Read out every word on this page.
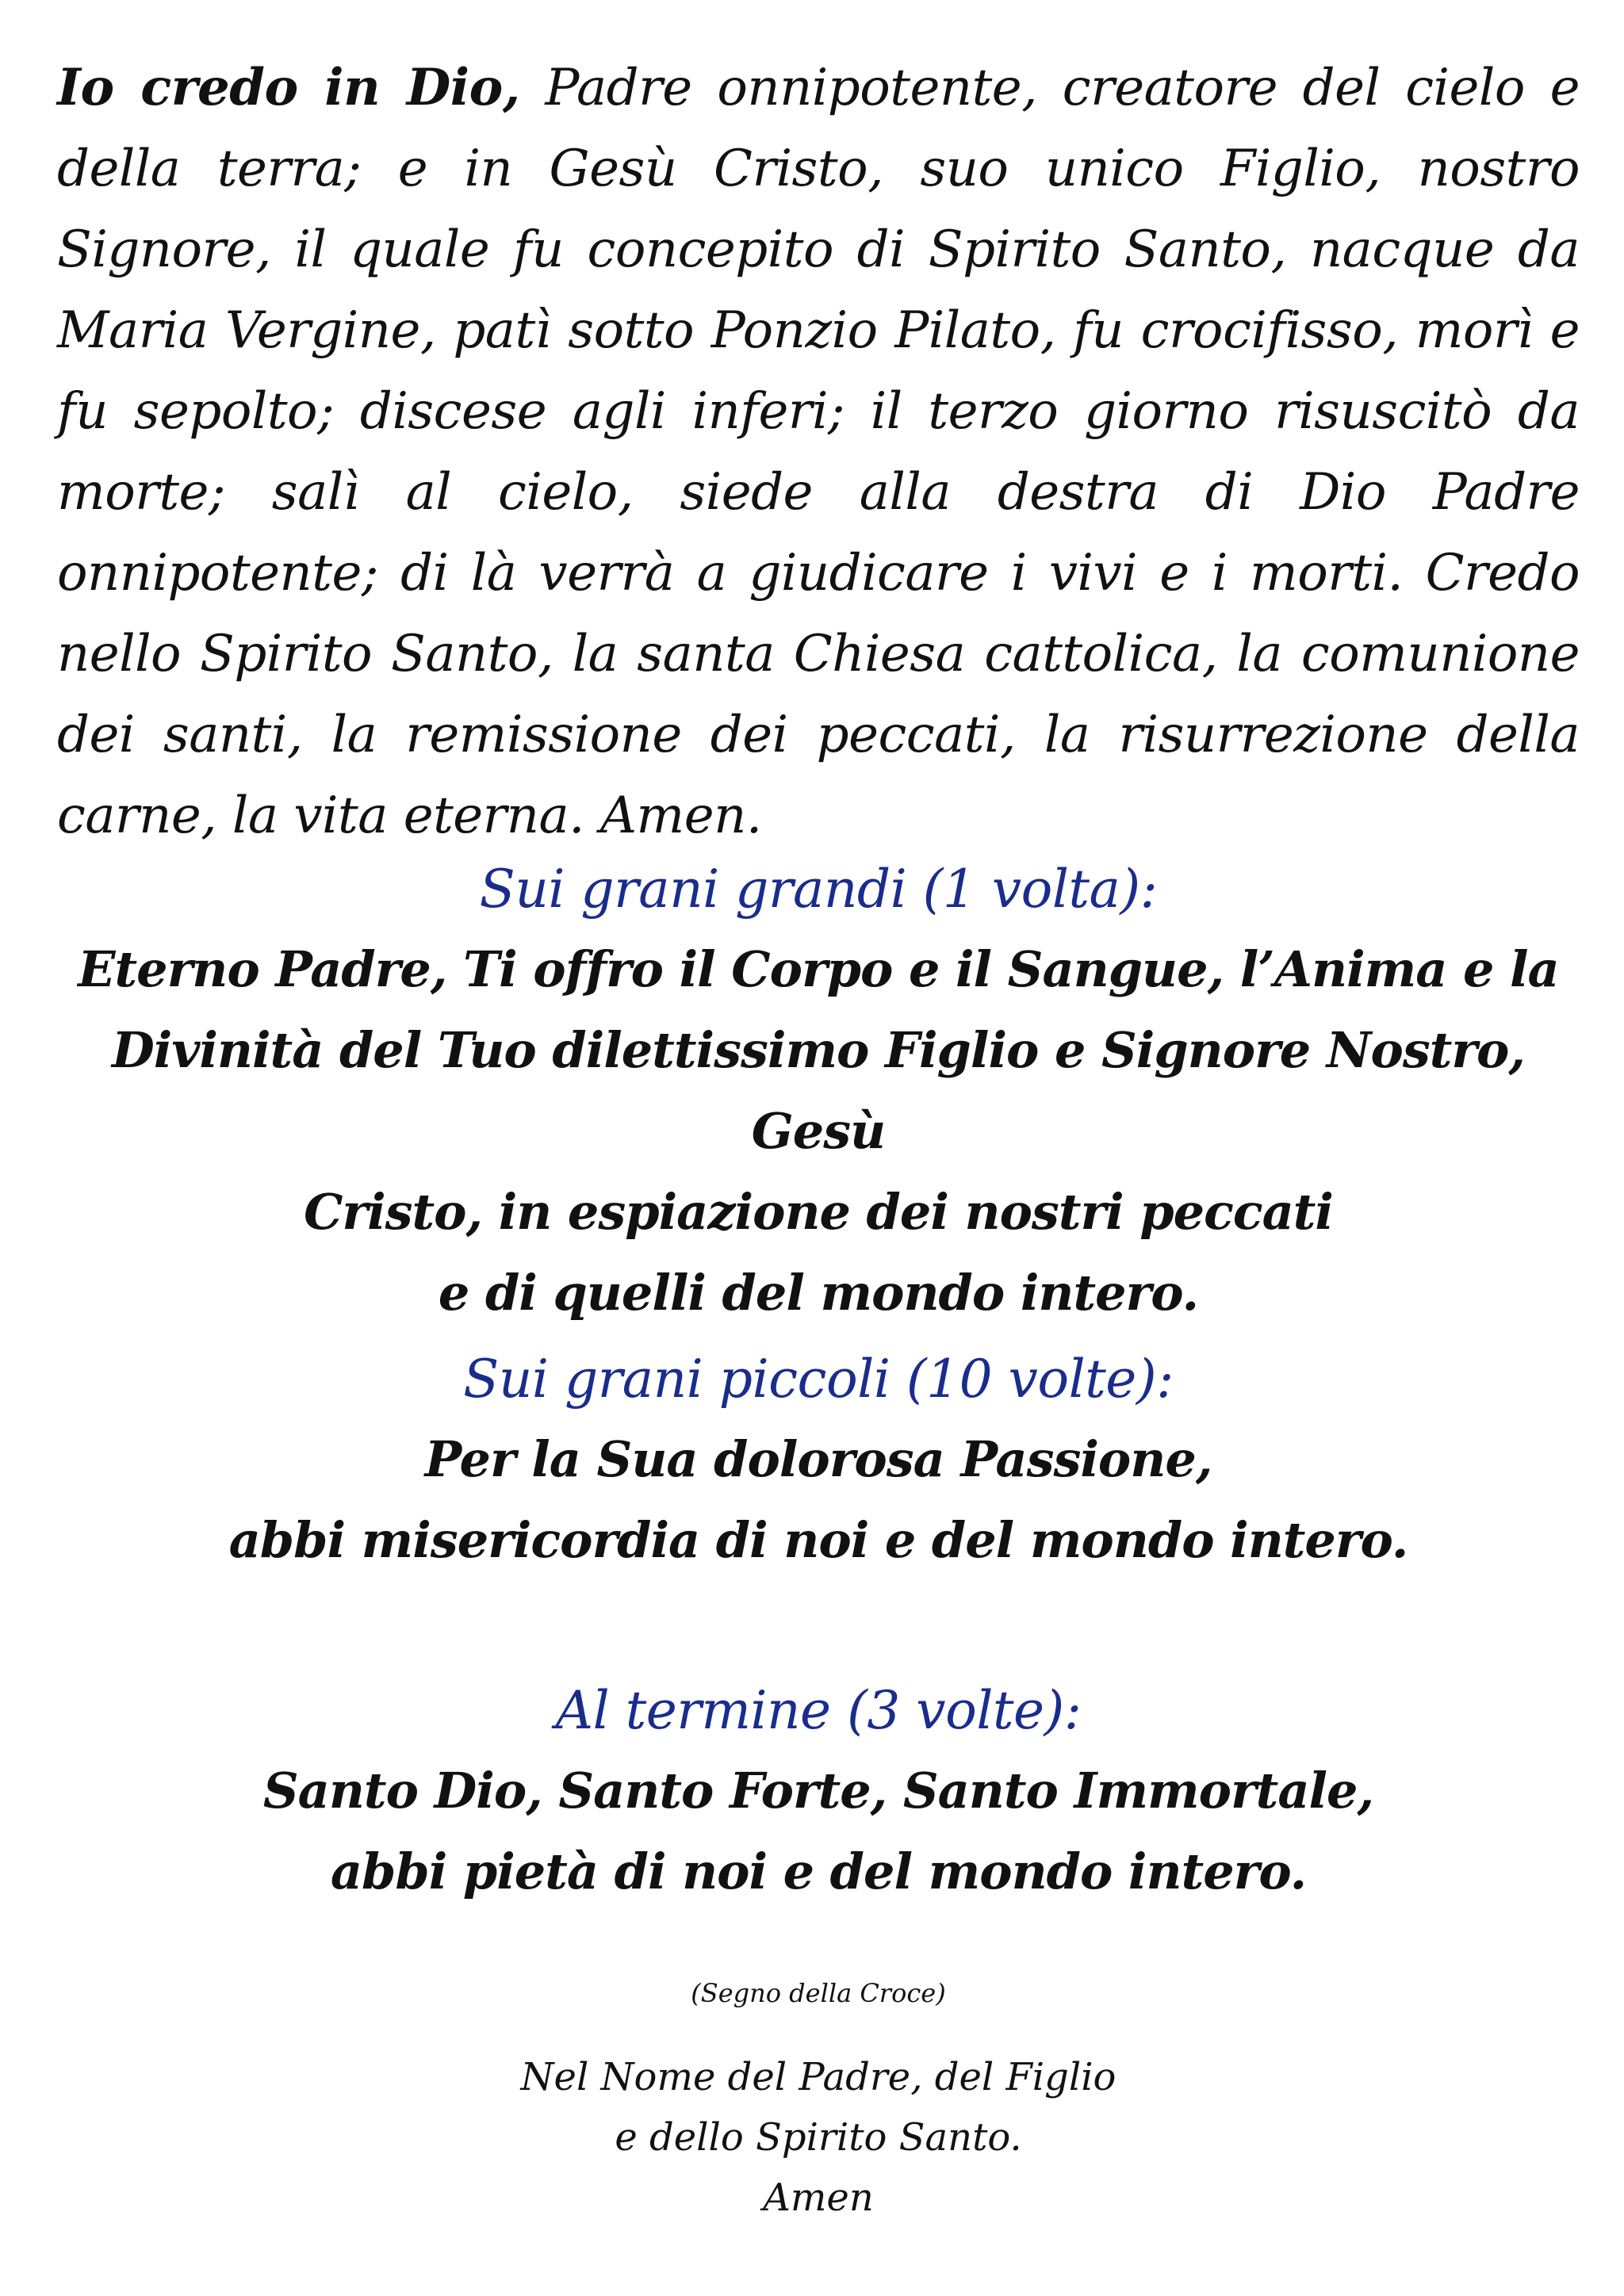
Io credo in Dio, Padre onnipotente, creatore del cielo e della terra; e in Gesù Cristo, suo unico Figlio, nostro Signore, il quale fu concepito di Spirito Santo, nacque da Maria Vergine, patì sotto Ponzio Pilato, fu crocifisso, morì e fu sepolto; discese agli inferi; il terzo giorno risuscitò da morte; salì al cielo, siede alla destra di Dio Padre onnipotente; di là verrà a giudicare i vivi e i morti. Credo nello Spirito Santo, la santa Chiesa cattolica, la comunione dei santi, la remissione dei peccati, la risurrezione della carne, la vita eterna. Amen.

Sui grani grandi (1 volta):

Eterno Padre, Ti offro il Corpo e il Sangue, l’Anima e la
Divinità del Tuo dilettissimo Figlio e Signore Nostro, Gesù
Cristo, in espiazione dei nostri peccati
e di quelli del mondo intero.

Sui grani piccoli (10 volte):

Per la Sua dolorosa Passione,
abbi misericordia di noi e del mondo intero.

Al termine (3 volte):

Santo Dio, Santo Forte, Santo Immortale,
abbi pietà di noi e del mondo intero.

(Segno della Croce)

Nel Nome del Padre, del Figlio
e dello Spirito Santo.
Amen
